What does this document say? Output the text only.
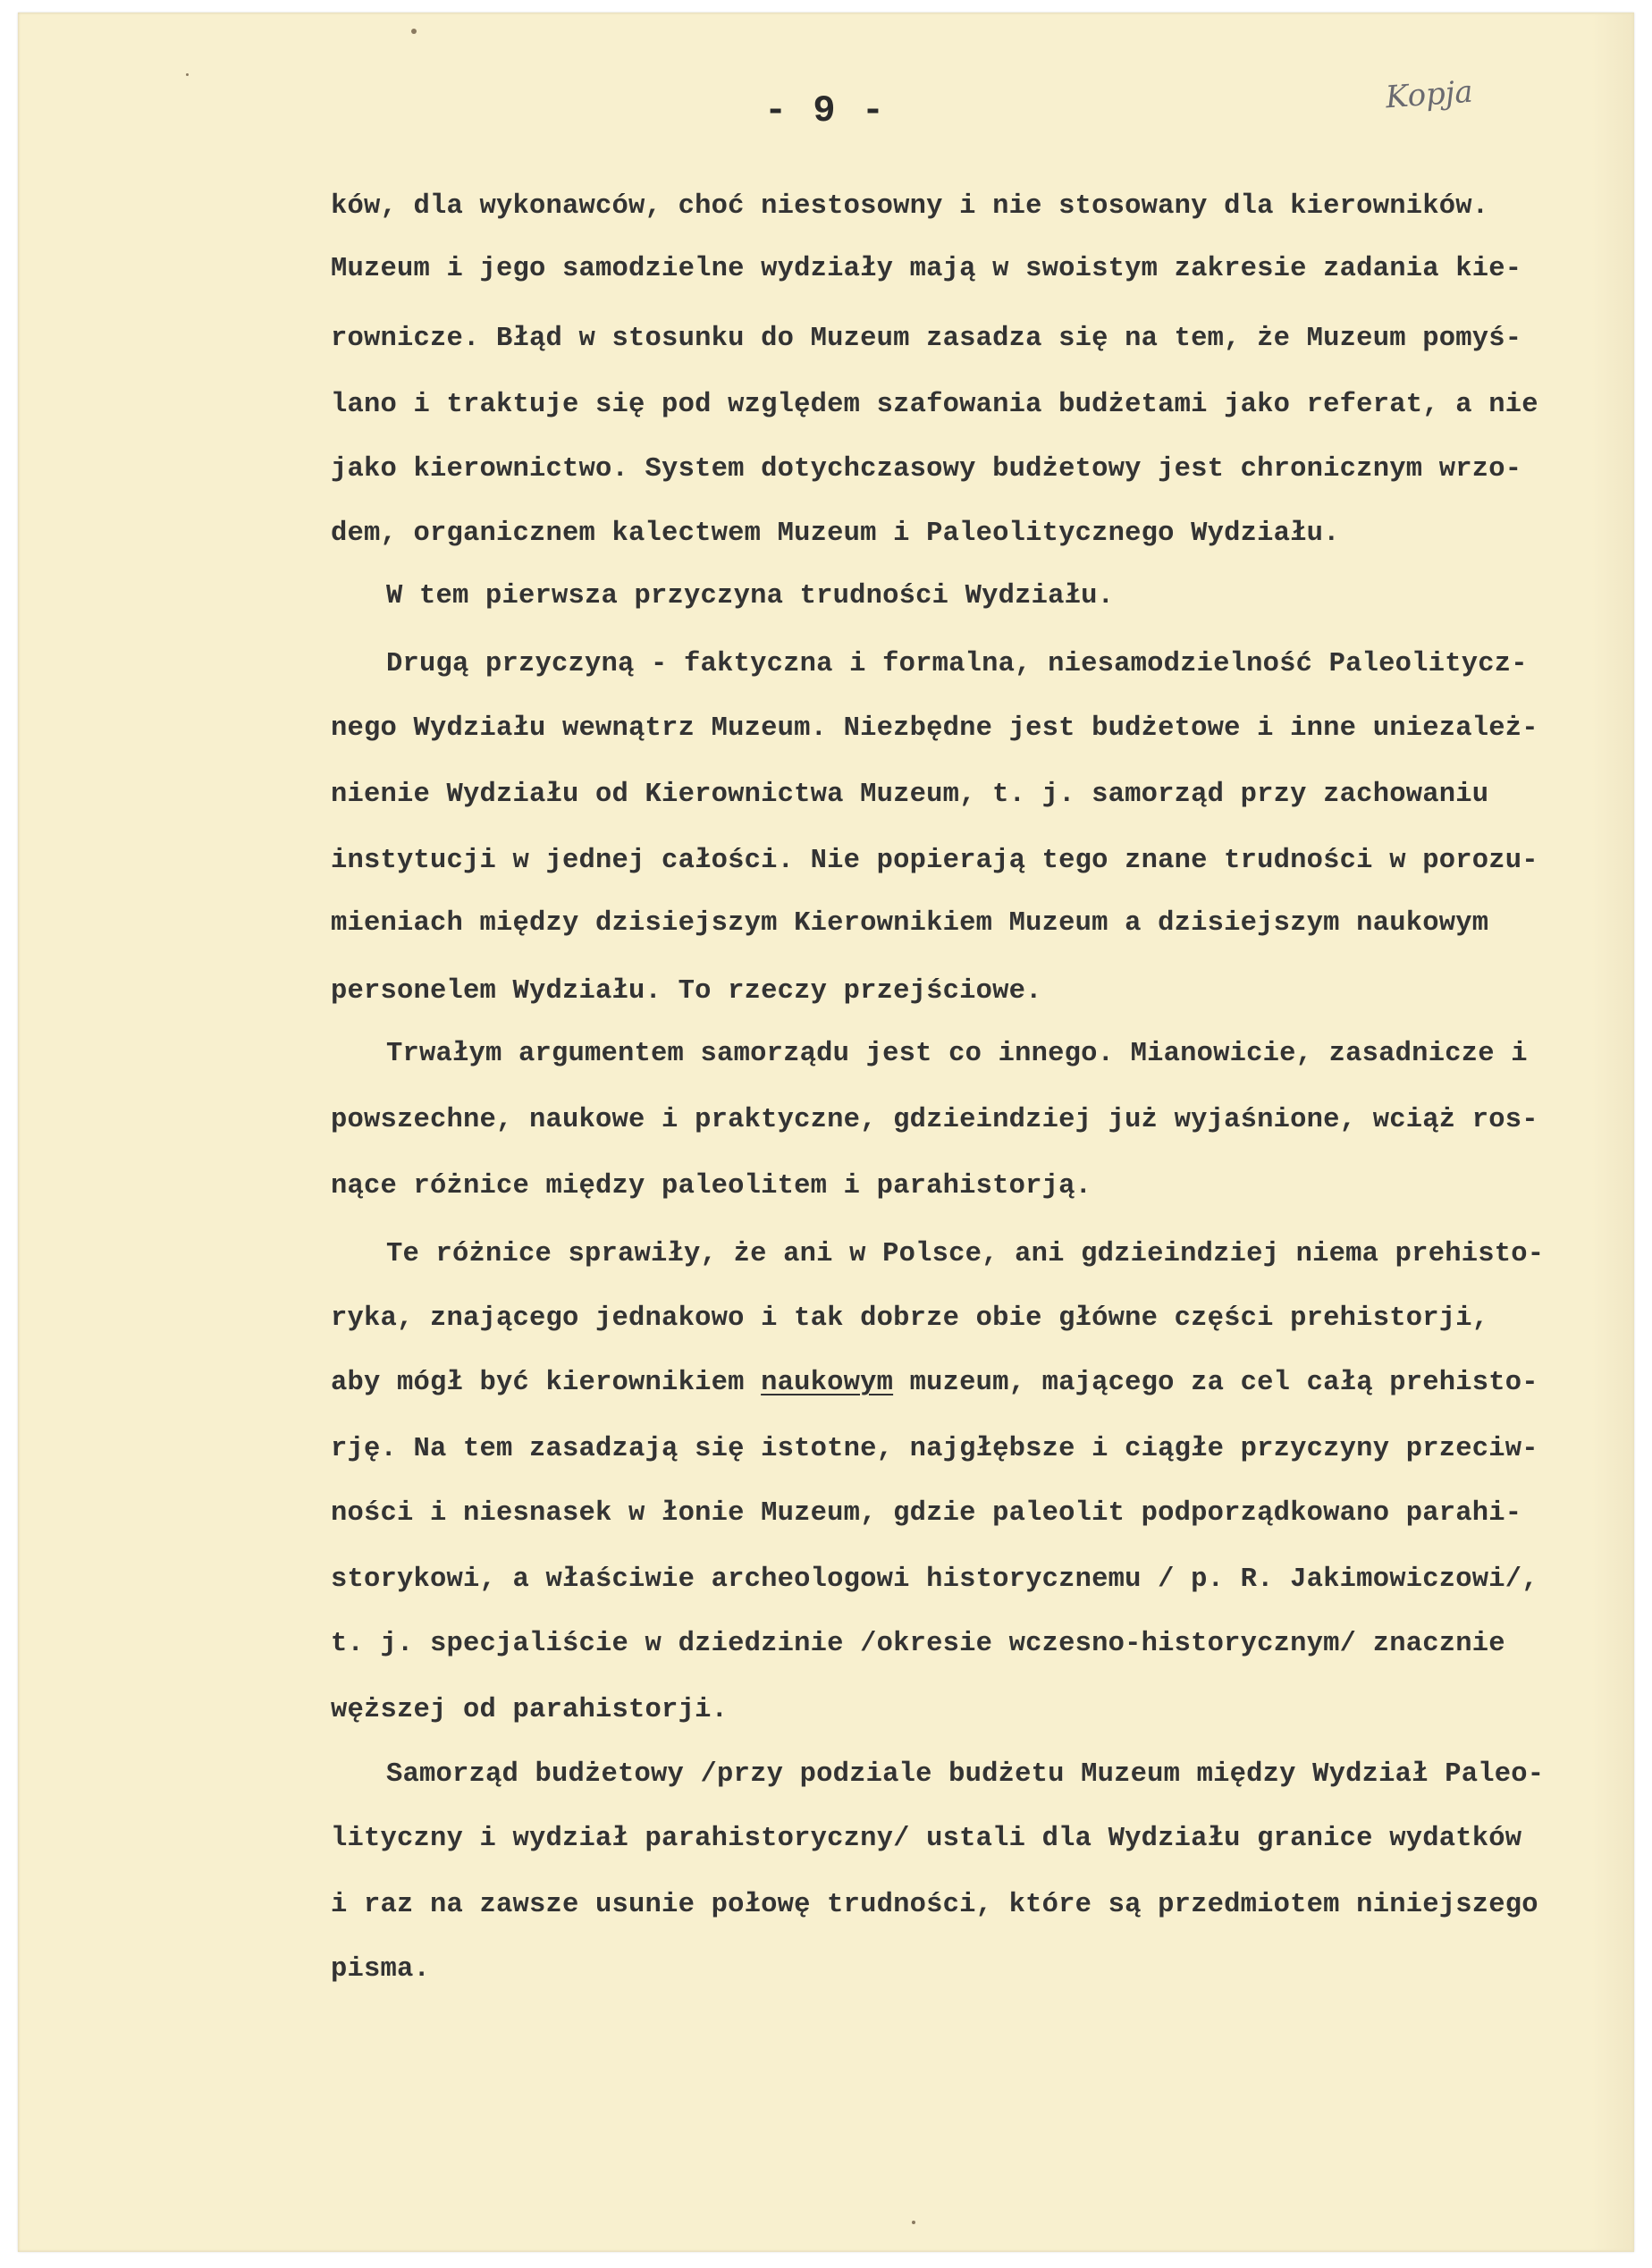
- 9 -	Kopja
ków, dla wykonawców, choć niestosowny i nie stosowany dla kierowników.
Muzeum i jego samodzielne wydziały mają w swoistym zakresie zadania kie-
rownicze. Błąd w stosunku do Muzeum zasadza się na tem, że Muzeum pomyś-
lano i traktuje się pod względem szafowania budżetami jako referat, a nie
jako kierownictwo. System dotychczasowy budżetowy jest chronicznym wrzo-
dem, organicznem kalectwem Muzeum i Paleolitycznego Wydziału.
W tem pierwsza przyczyna trudności Wydziału.
Drugą przyczyną - faktyczna i formalna, niesamodzielność Paleolitycz-
nego Wydziału wewnątrz Muzeum. Niezbędne jest budżetowe i inne uniezależ-
nienie Wydziału od Kierownictwa Muzeum, t. j. samorząd przy zachowaniu
instytucji w jednej całości. Nie popierają tego znane trudności w porozu-
mieniach między dzisiejszym Kierownikiem Muzeum a dzisiejszym naukowym
personelem Wydziału. To rzeczy przejściowe.
Trwałym argumentem samorządu jest co innego. Mianowicie, zasadnicze i
powszechne, naukowe i praktyczne, gdzieindziej już wyjaśnione, wciąż ros-
nące różnice między paleolitem i parahistorją.
Te różnice sprawiły, że ani w Polsce, ani gdzieindziej niema prehisto-
ryka, znającego jednakowo i tak dobrze obie główne części prehistorji,
aby mógł być kierownikiem naukowym muzeum, mającego za cel całą prehisto-
rję. Na tem zasadzają się istotne, najgłębsze i ciągłe przyczyny przeciw-
ności i niesnasek w łonie Muzeum, gdzie paleolit podporządkowano parahi-
storykowi, a właściwie archeologowi historycznemu / p. R. Jakimowiczowi/,
t. j. specjaliście w dziedzinie /okresie wczesno-historycznym/ znacznie
węższej od parahistorji.
Samorząd budżetowy /przy podziale budżetu Muzeum między Wydział Paleo-
lityczny i wydział parahistoryczny/ ustali dla Wydziału granice wydatków
i raz na zawsze usunie połowę trudności, które są przedmiotem niniejszego
pisma.
